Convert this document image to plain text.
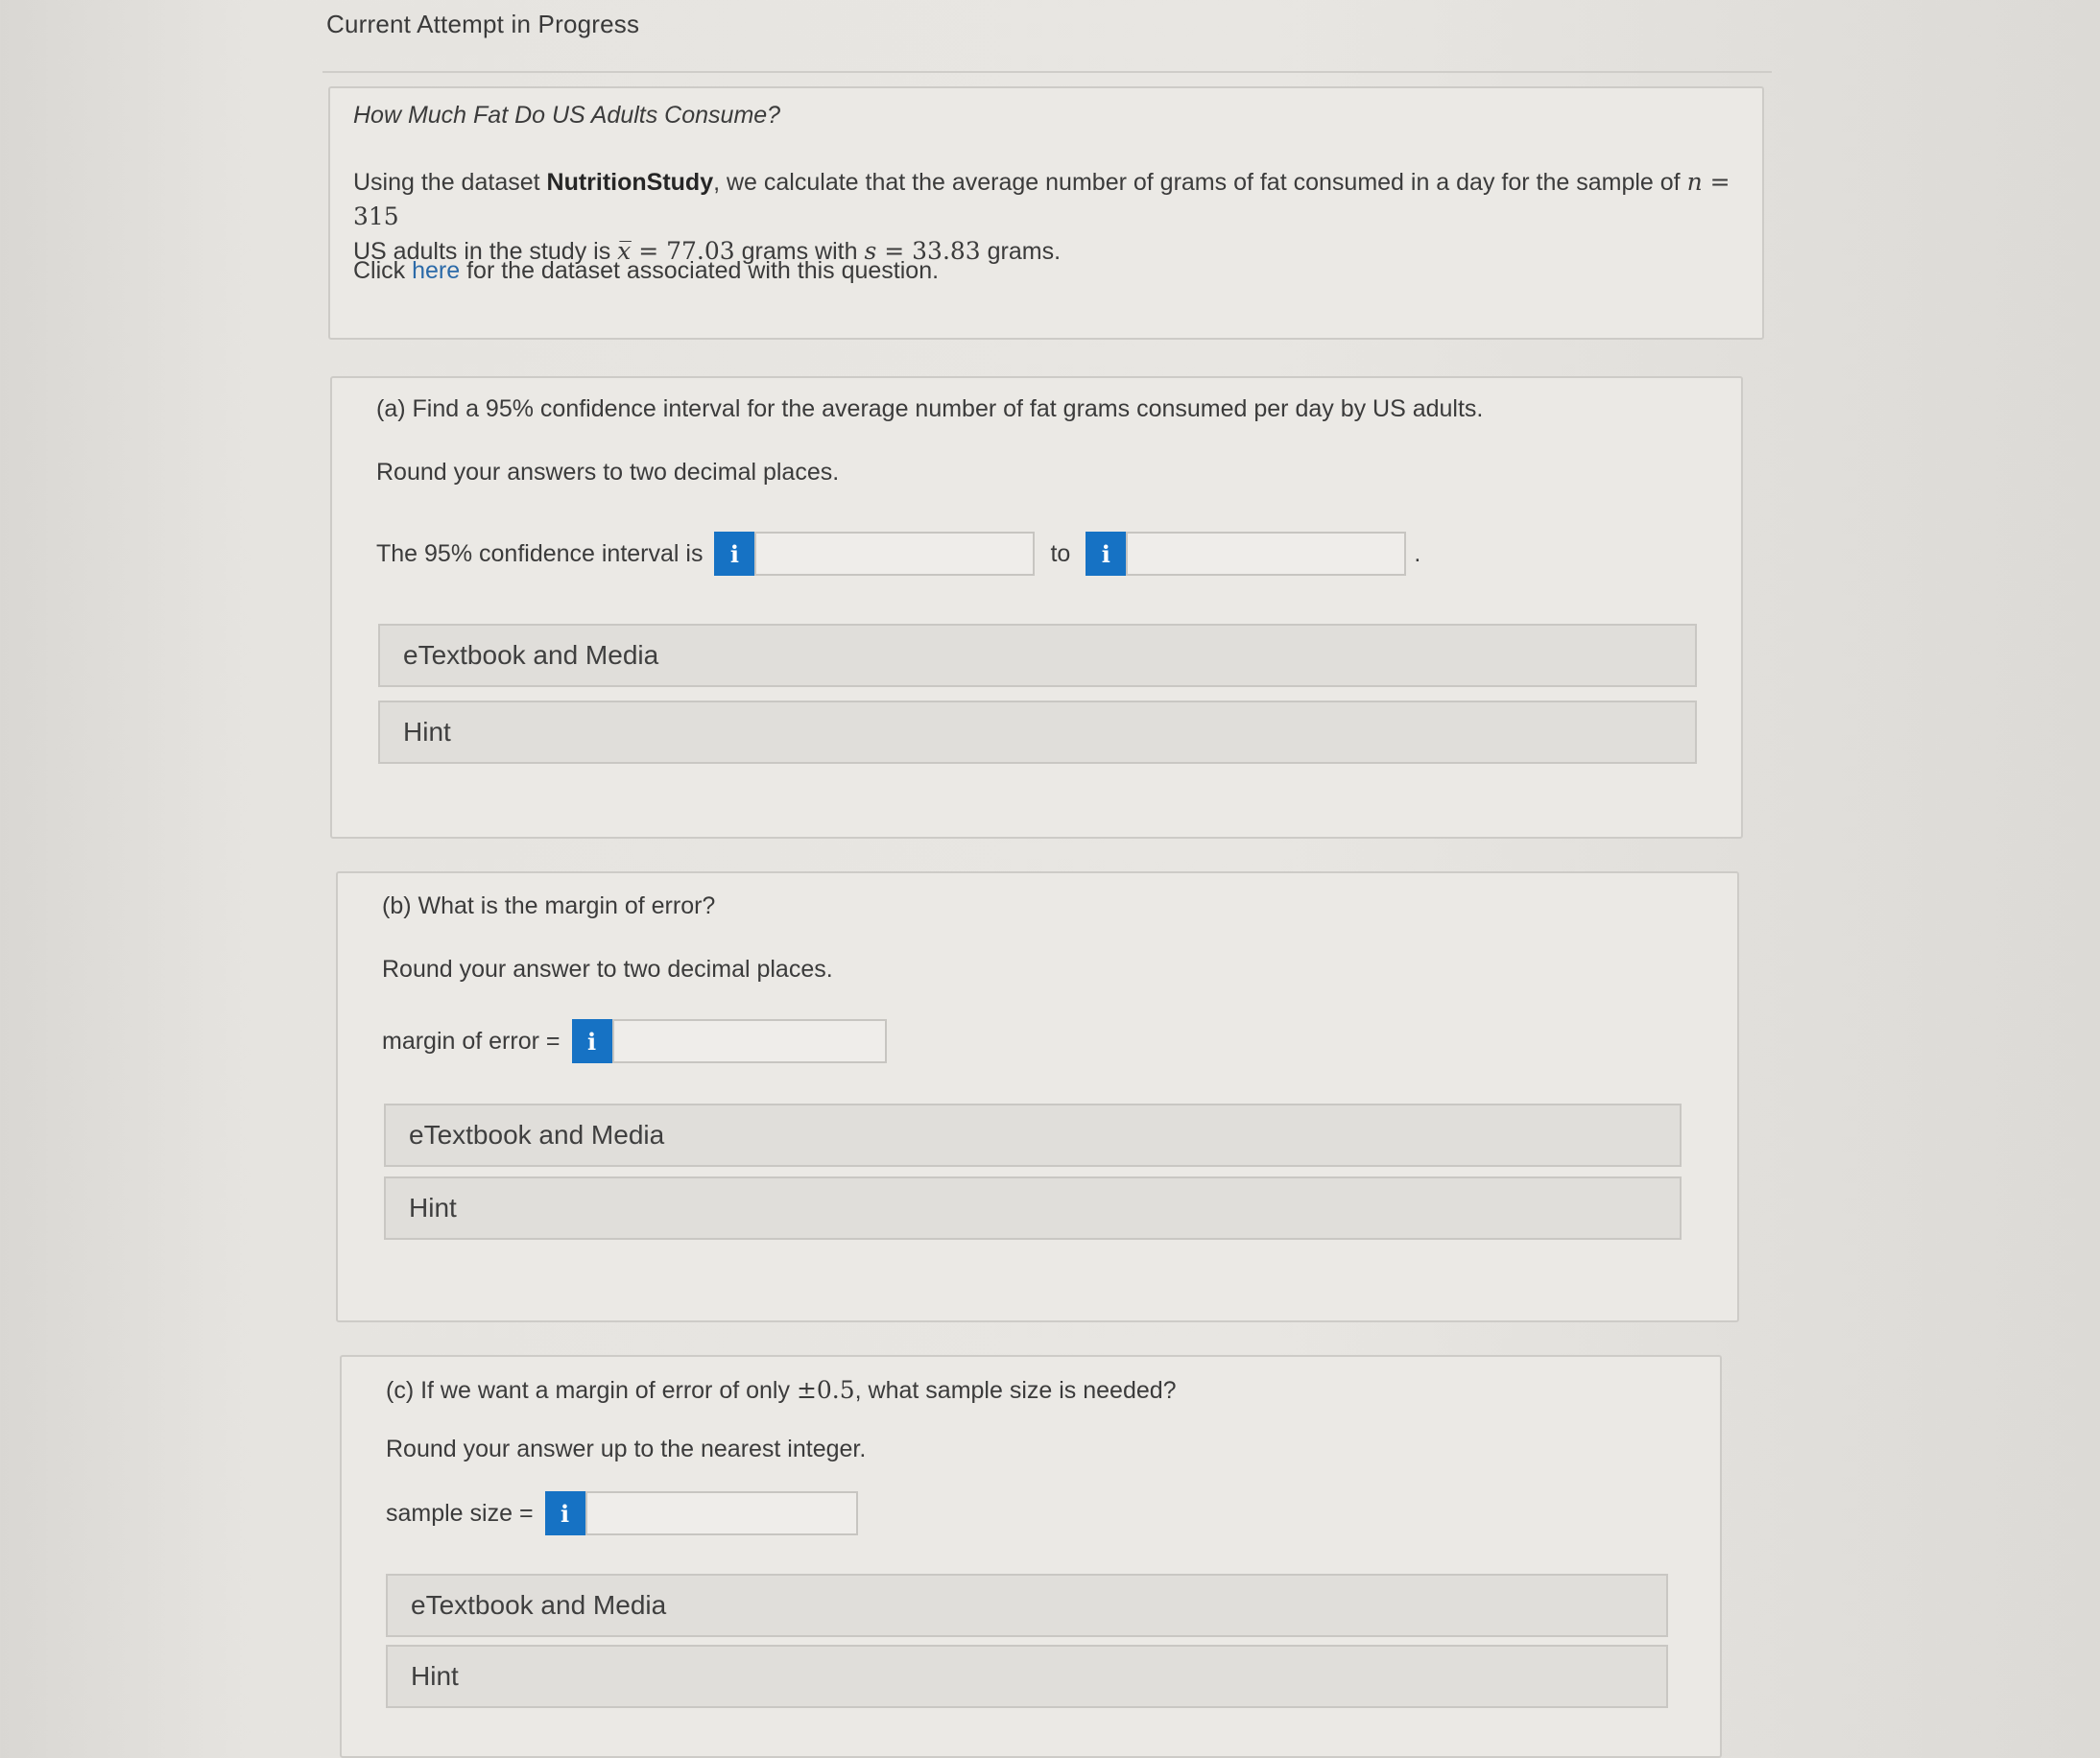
Current Attempt in Progress
How Much Fat Do US Adults Consume?
Using the dataset NutritionStudy, we calculate that the average number of grams of fat consumed in a day for the sample of n = 315
US adults in the study is x̅ = 77.03 grams with s = 33.83 grams.
Click here for the dataset associated with this question.
(a) Find a 95% confidence interval for the average number of fat grams consumed per day by US adults.
Round your answers to two decimal places.
The 95% confidence interval is	i	to	i	.
eTextbook and Media
Hint
(b) What is the margin of error?
Round your answer to two decimal places.
margin of error =	i
eTextbook and Media
Hint
(c) If we want a margin of error of only ±0.5, what sample size is needed?
Round your answer up to the nearest integer.
sample size =	i
eTextbook and Media
Hint
